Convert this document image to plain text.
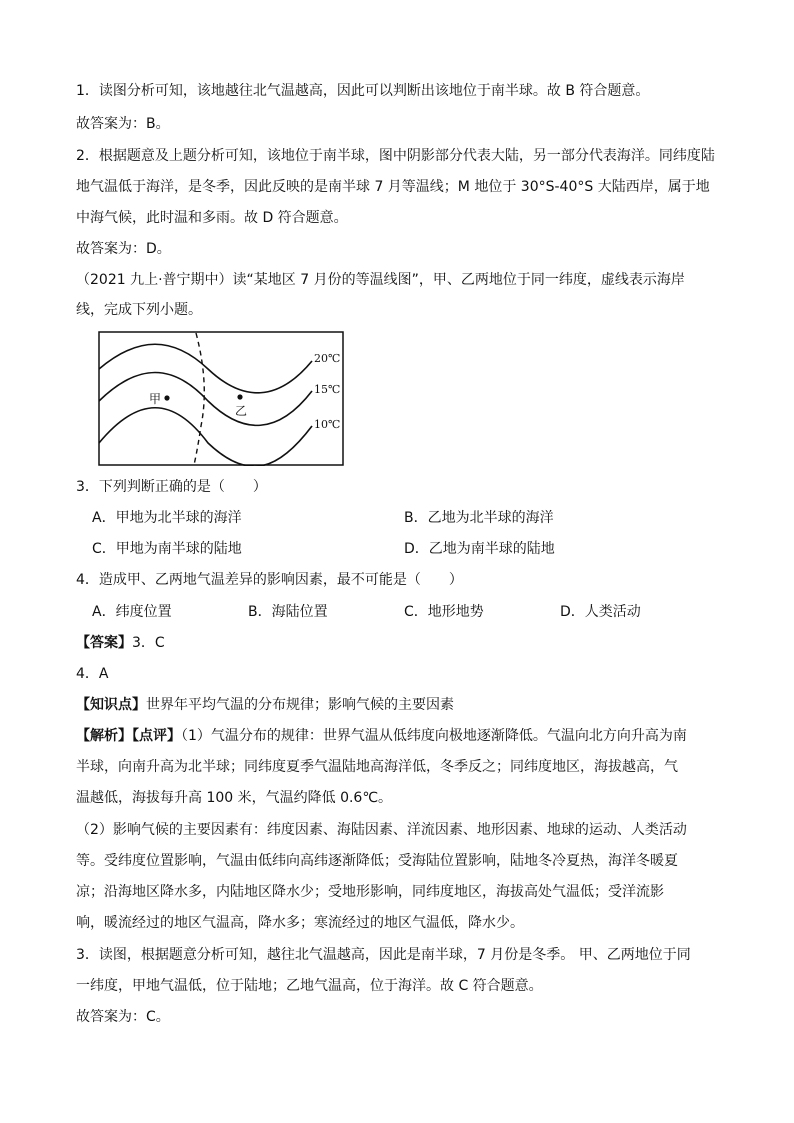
1．读图分析可知，该地越往北气温越高，因此可以判断出该地位于南半球。故 B 符合题意。
故答案为：B。
2．根据题意及上题分析可知，该地位于南半球，图中阴影部分代表大陆，另一部分代表海洋。同纬度陆
地气温低于海洋，是冬季，因此反映的是南半球 7 月等温线；M 地位于 30°S-40°S 大陆西岸，属于地
中海气候，此时温和多雨。故 D 符合题意。
故答案为：D。
（2021 九上·普宁期中）读“某地区 7 月份的等温线图”，甲、乙两地位于同一纬度，虚线表示海岸
线，完成下列小题。
甲
乙
20℃
15℃
10℃
3．下列判断正确的是（　　）
A．甲地为北半球的海洋	B．乙地为北半球的海洋
C．甲地为南半球的陆地	D．乙地为南半球的陆地
4．造成甲、乙两地气温差异的影响因素，最不可能是（　　）
A．纬度位置	B．海陆位置	C．地形地势	D．人类活动
【答案】3．C
4．A
【知识点】世界年平均气温的分布规律；影响气候的主要因素
【解析】【点评】（1）气温分布的规律：世界气温从低纬度向极地逐渐降低。气温向北方向升高为南
半球，向南升高为北半球；同纬度夏季气温陆地高海洋低，冬季反之；同纬度地区，海拔越高，气
温越低，海拔每升高 100 米，气温约降低 0.6℃。
（2）影响气候的主要因素有：纬度因素、海陆因素、洋流因素、地形因素、地球的运动、人类活动
等。受纬度位置影响，气温由低纬向高纬逐渐降低；受海陆位置影响，陆地冬冷夏热，海洋冬暖夏
凉；沿海地区降水多，内陆地区降水少；受地形影响，同纬度地区，海拔高处气温低；受洋流影
响，暖流经过的地区气温高，降水多；寒流经过的地区气温低，降水少。
3．读图，根据题意分析可知，越往北气温越高，因此是南半球，7 月份是冬季。 甲、乙两地位于同
一纬度，甲地气温低，位于陆地；乙地气温高，位于海洋。故 C 符合题意。
故答案为：C。
